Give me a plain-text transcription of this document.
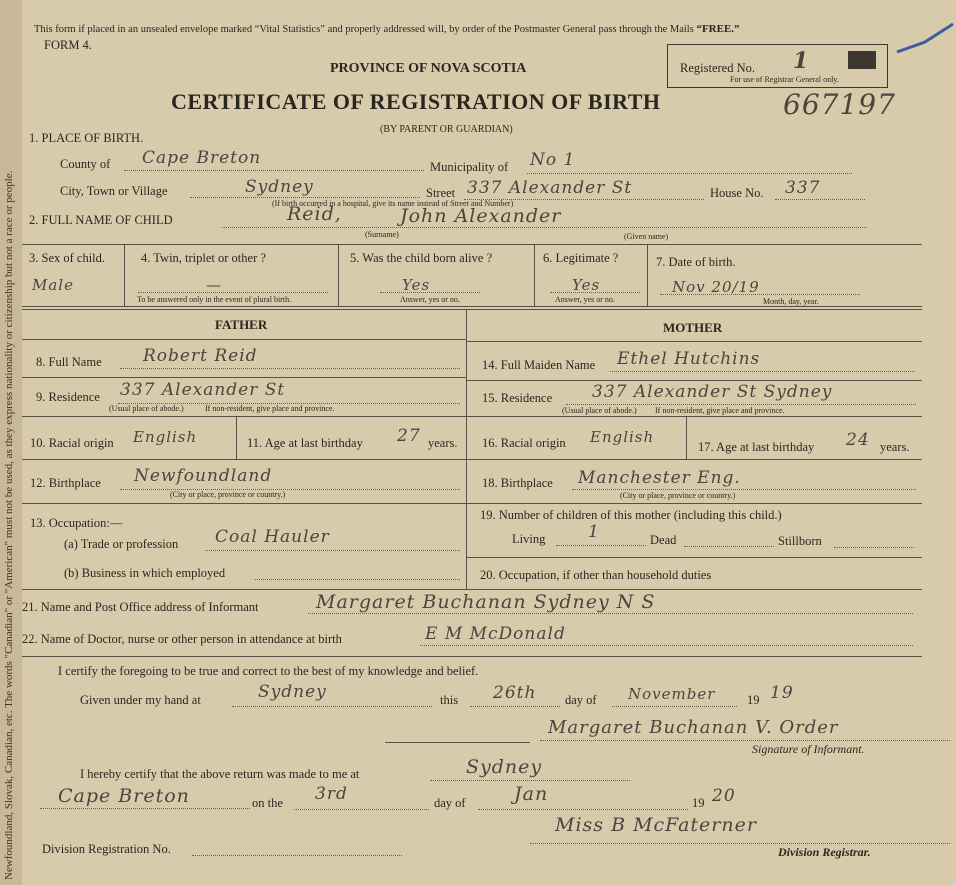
Newfoundland, Slovak, Canadian, etc. The words "Canadian" or "American" must not be used, as they express nationality or citizenship but not a race or people.
This form if placed in an unsealed envelope marked “Vital Statistics” and properly addressed will, by order of the Postmaster General pass through the Mails “FREE.”
FORM 4.
PROVINCE OF NOVA SCOTIA
CERTIFICATE OF REGISTRATION OF BIRTH
(BY PARENT OR GUARDIAN)
667197
Registered No. 1
For use of Registrar General only.
1. PLACE OF BIRTH.
County of Cape Breton	Municipality of No 1
City, Town or Village	Sydney	Street 337 Alexander St	House No. 337
(If birth occurred in a hospital, give its name instead of Street and Number)
2. FULL NAME OF CHILD	Reid,	John Alexander
(Surname)	(Given name)
3. Sex of child.
Male
4. Twin, triplet or other ?
—
To be answered only in the event of plural birth.
5. Was the child born alive ?
Yes
Answer, yes or no.
6. Legitimate ?
Yes
Answer, yes or no.
7. Date of birth.
Nov 20/19
Month, day, year.
FATHER	MOTHER
8. Full Name Robert Reid
9. Residence 337 Alexander St
(Usual place of abode.)	If non-resident, give place and province.
10. Racial origin English	11. Age at last birthday 27 years.
12. Birthplace Newfoundland
(City or place, province or country.)
13. Occupation:—
(a) Trade or profession Coal Hauler
(b) Business in which employed
14. Full Maiden Name Ethel Hutchins
15. Residence 337 Alexander St Sydney
(Usual place of abode.) If non-resident, give place and province.
16. Racial origin English
17. Age at last birthday 24 years.
18. Birthplace Manchester Eng.
(City or place, province or country.)
19. Number of children of this mother (including this child.)
Living	1	Dead	Stillborn
20. Occupation, if other than household duties
21. Name and Post Office address of Informant	Margaret Buchanan Sydney N S
22. Name of Doctor, nurse or other person in attendance at birth	E M McDonald
I certify the foregoing to be true and correct to the best of my knowledge and belief.
Given under my hand at	Sydney	this 26th day of November	19 19
Margaret Buchanan V. Order
Signature of Informant.
I hereby certify that the above return was made to me at	Sydney
Cape Breton	on the 3rd	day of	Jan	19 20
Miss B McFaterner
Division Registration No.	Division Registrar.
